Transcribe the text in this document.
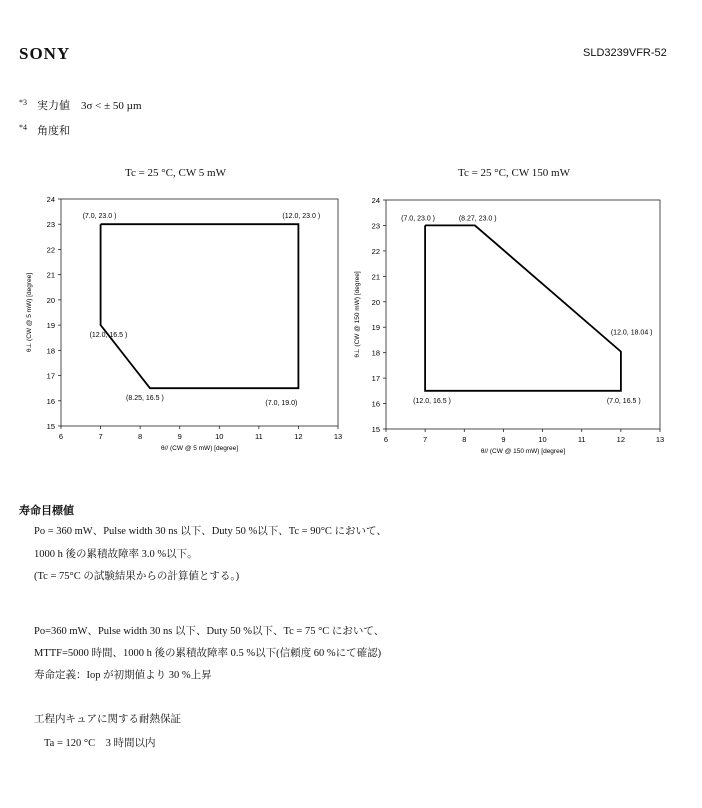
SONY	SLD3239VFR-52
$^{*3}$ 実力値　3σ < ± 50 µm
$^{*4}$ 角度和
Tc = 25 °C, CW 5 mW	Tc = 25 °C, CW 150 mW
15
16
17
18
19
20
21
22
23
24
6	7	8	9	10	11	12	13
θ// (CW @ 5 mW) [degree]
θ⊥ (CW @ 5 mW) [degree]
(7.0, 23.0 )	(12.0, 23.0 )
(7.0, 19.0)
(8.25, 16.5 )
(12.0, 16.5 )
15
16
17
18
19
20
21
22
23
24
6	7	8	9	10	11	12	13
θ// (CW @ 150 mW) [degree]
θ⊥ (CW @ 150 mW) [degree]
(7.0, 23.0 )	(8.27, 23.0 )
(12.0, 18.04 )
(7.0, 16.5 )
(12.0, 16.5 )
寿命目標値
Po = 360 mW、Pulse width 30 ns 以下、Duty 50 %以下、Tc = 90°C において、
1000 h 後の累積故障率 3.0 %以下。
(Tc = 75°C の試験結果からの計算値とする。)
Po=360 mW、Pulse width 30 ns 以下、Duty 50 %以下、Tc = 75 °C において、
MTTF=5000 時間、1000 h 後の累積故障率 0.5 %以下(信頼度 60 %にて確認)
寿命定義：Iop が初期値より 30 %上昇
工程内キュアに関する耐熱保証
Ta = 120 °C　3 時間以内
